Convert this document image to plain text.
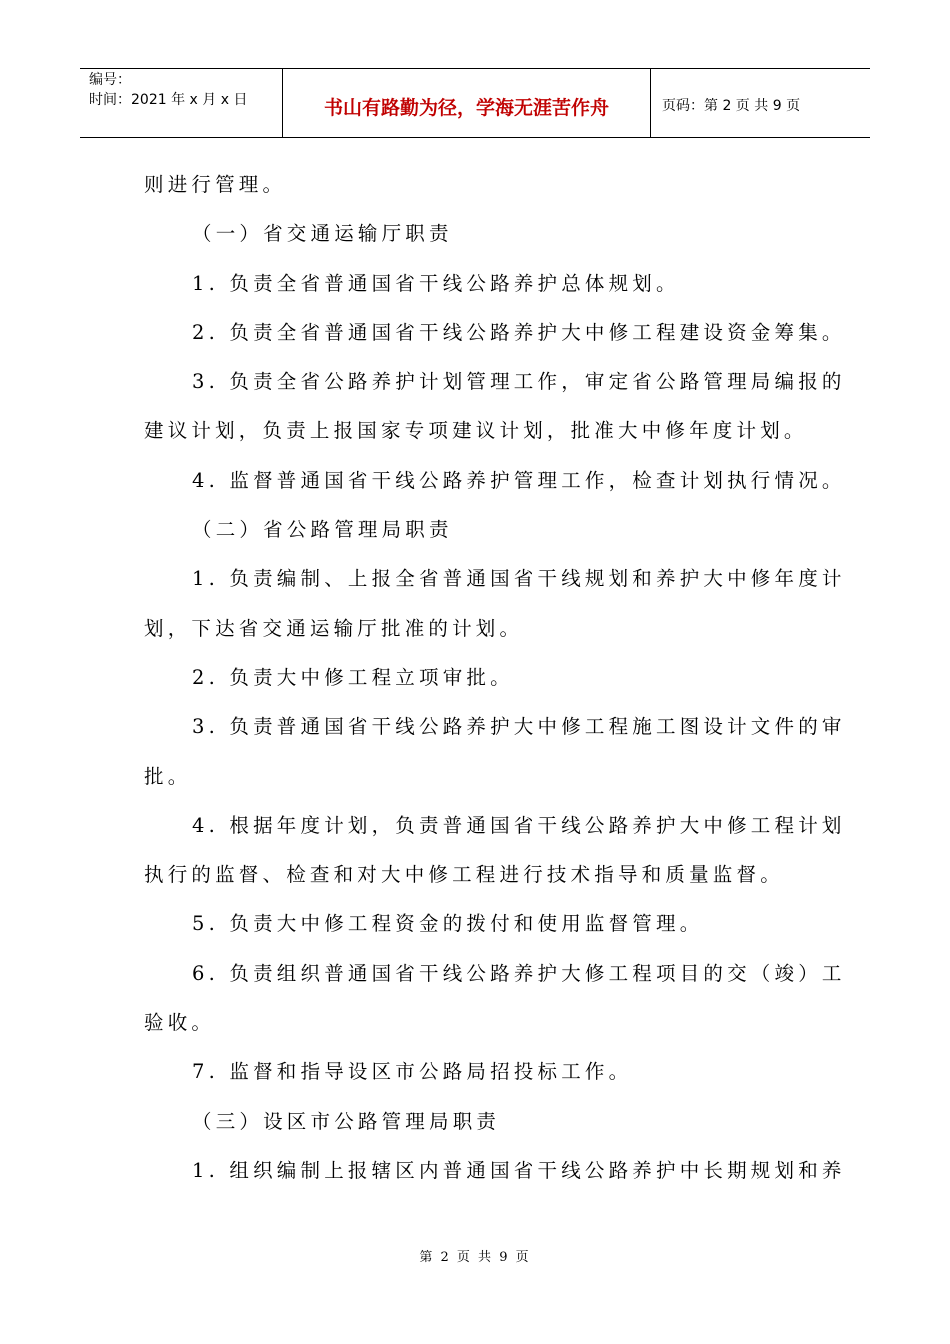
编号：
时间：2021 年 x 月 x 日	书山有路勤为径，学海无涯苦作舟	页码：第 2 页 共 9 页
则进行管理。
（一）省交通运输厅职责
1. 负责全省普通国省干线公路养护总体规划。
2. 负责全省普通国省干线公路养护大中修工程建设资金筹集。
3. 负责全省公路养护计划管理工作，审定省公路管理局编报的
建议计划，负责上报国家专项建议计划，批准大中修年度计划。
4. 监督普通国省干线公路养护管理工作，检查计划执行情况。
（二）省公路管理局职责
1. 负责编制、上报全省普通国省干线规划和养护大中修年度计
划，下达省交通运输厅批准的计划。
2. 负责大中修工程立项审批。
3. 负责普通国省干线公路养护大中修工程施工图设计文件的审
批。
4. 根据年度计划，负责普通国省干线公路养护大中修工程计划
执行的监督、检查和对大中修工程进行技术指导和质量监督。
5. 负责大中修工程资金的拨付和使用监督管理。
6. 负责组织普通国省干线公路养护大修工程项目的交（竣）工
验收。
7. 监督和指导设区市公路局招投标工作。
（三）设区市公路管理局职责
1. 组织编制上报辖区内普通国省干线公路养护中长期规划和养
第 2 页 共 9 页
